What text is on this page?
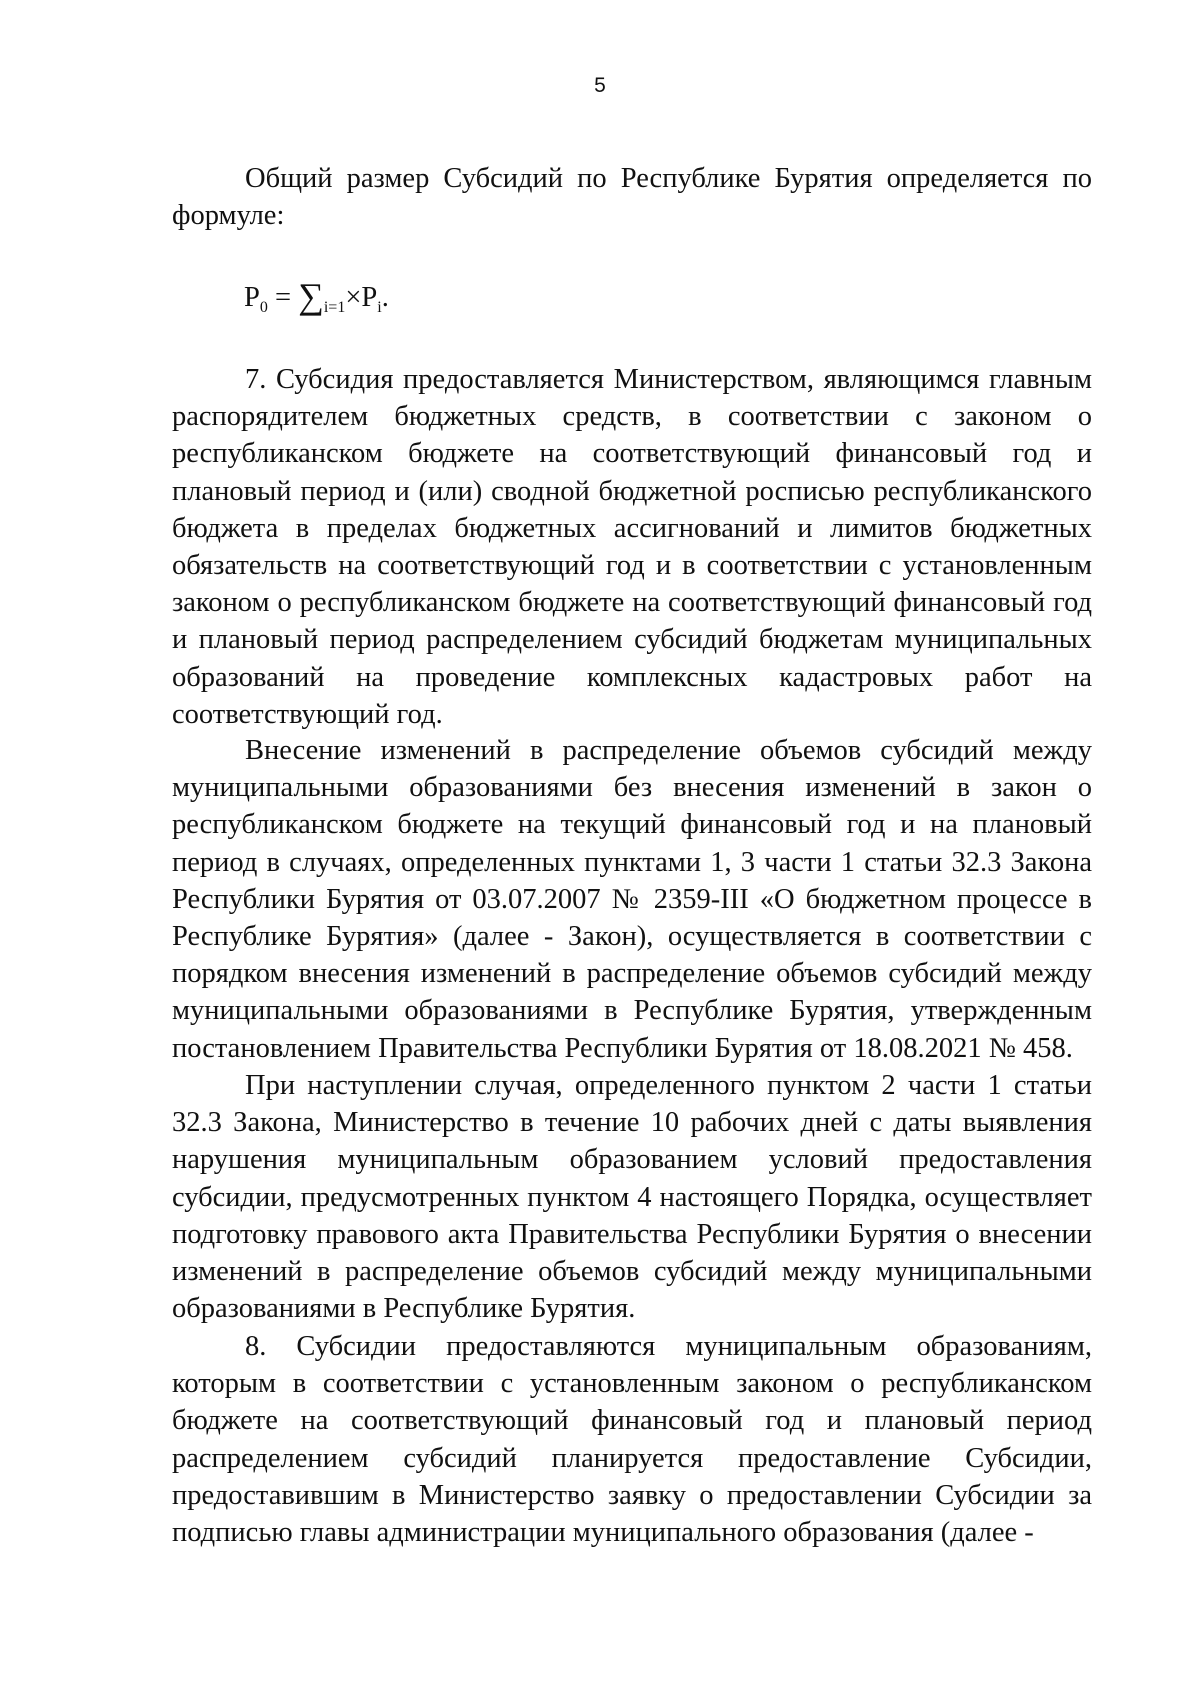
5

Общий размер Субсидий по Республике Бурятия определяется по формуле:

$P_0 = \sum_{i=1}\times P_i$.

7. Субсидия предоставляется Министерством, являющимся главным распорядителем бюджетных средств, в соответствии с законом о республиканском бюджете на соответствующий финансовый год и плановый период и (или) сводной бюджетной росписью республиканского бюджета в пределах бюджетных ассигнований и лимитов бюджетных обязательств на соответствующий год и в соответствии с установленным законом о республиканском бюджете на соответствующий финансовый год и плановый период распределением субсидий бюджетам муниципальных образований на проведение комплексных кадастровых работ на соответствующий год.

Внесение изменений в распределение объемов субсидий между муниципальными образованиями без внесения изменений в закон о республиканском бюджете на текущий финансовый год и на плановый период в случаях, определенных пунктами 1, 3 части 1 статьи 32.3 Закона Республики Бурятия от 03.07.2007 № 2359-III «О бюджетном процессе в Республике Бурятия» (далее - Закон), осуществляется в соответствии с порядком внесения изменений в распределение объемов субсидий между муниципальными образованиями в Республике Бурятия, утвержденным постановлением Правительства Республики Бурятия от 18.08.2021 № 458.

При наступлении случая, определенного пунктом 2 части 1 статьи 32.3 Закона, Министерство в течение 10 рабочих дней с даты выявления нарушения муниципальным образованием условий предоставления субсидии, предусмотренных пунктом 4 настоящего Порядка, осуществляет подготовку правового акта Правительства Республики Бурятия о внесении изменений в распределение объемов субсидий между муниципальными образованиями в Республике Бурятия.

8. Субсидии предоставляются муниципальным образованиям, которым в соответствии с установленным законом о республиканском бюджете на соответствующий финансовый год и плановый период распределением субсидий планируется предоставление Субсидии, предоставившим в Министерство заявку о предоставлении Субсидии за подписью главы администрации муниципального образования (далее -
